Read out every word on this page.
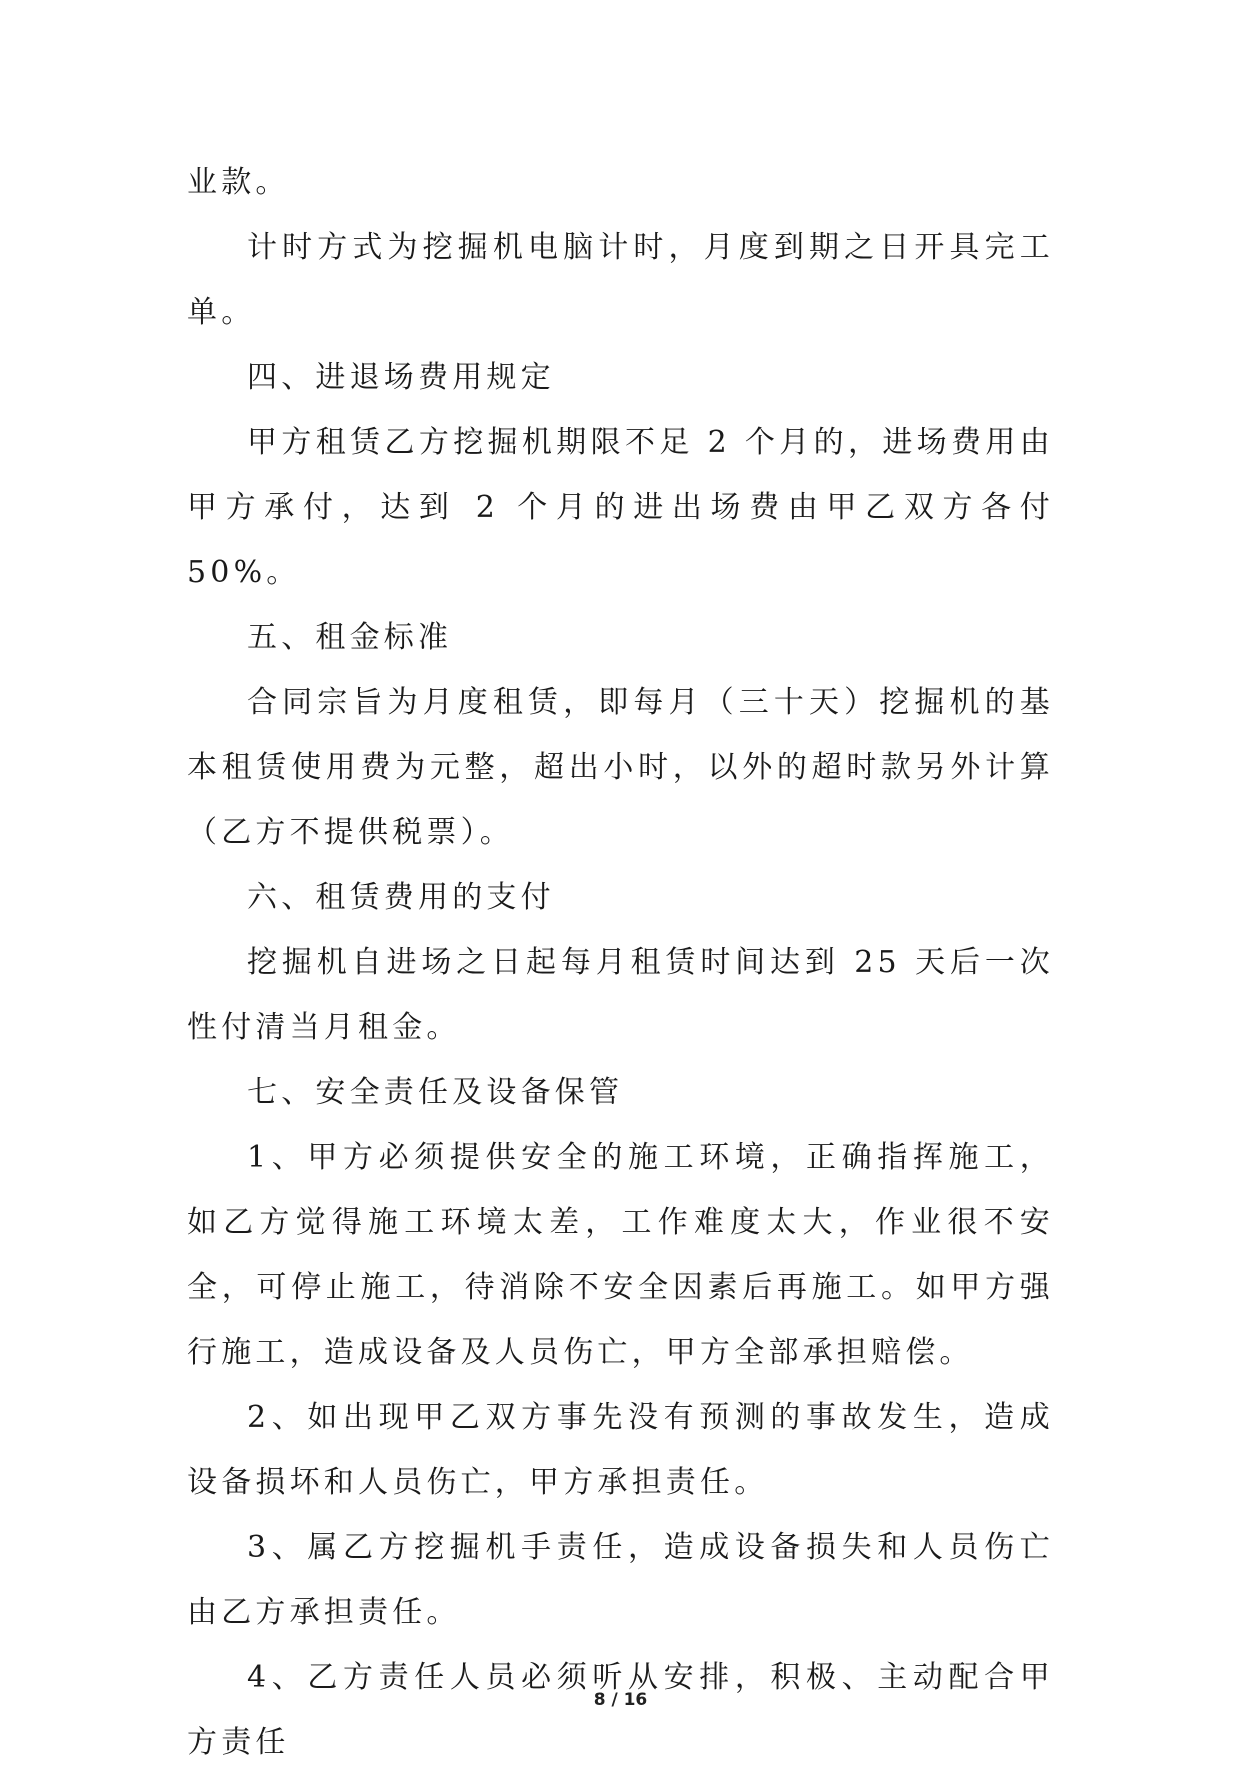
业款。

计时方式为挖掘机电脑计时，月度到期之日开具完工单。

四、进退场费用规定

甲方租赁乙方挖掘机期限不足 2 个月的，进场费用由甲方承付，达到 2 个月的进出场费由甲乙双方各付 50%。

五、租金标准

合同宗旨为月度租赁，即每月（三十天）挖掘机的基本租赁使用费为元整，超出小时，以外的超时款另外计算（乙方不提供税票）。

六、租赁费用的支付

挖掘机自进场之日起每月租赁时间达到 25 天后一次性付清当月租金。

七、安全责任及设备保管

1、甲方必须提供安全的施工环境，正确指挥施工，如乙方觉得施工环境太差，工作难度太大，作业很不安全，可停止施工，待消除不安全因素后再施工。如甲方强行施工，造成设备及人员伤亡，甲方全部承担赔偿。

2、如出现甲乙双方事先没有预测的事故发生，造成设备损坏和人员伤亡，甲方承担责任。

3、属乙方挖掘机手责任，造成设备损失和人员伤亡由乙方承担责任。

4、乙方责任人员必须听从安排，积极、主动配合甲方责任

8 / 16
